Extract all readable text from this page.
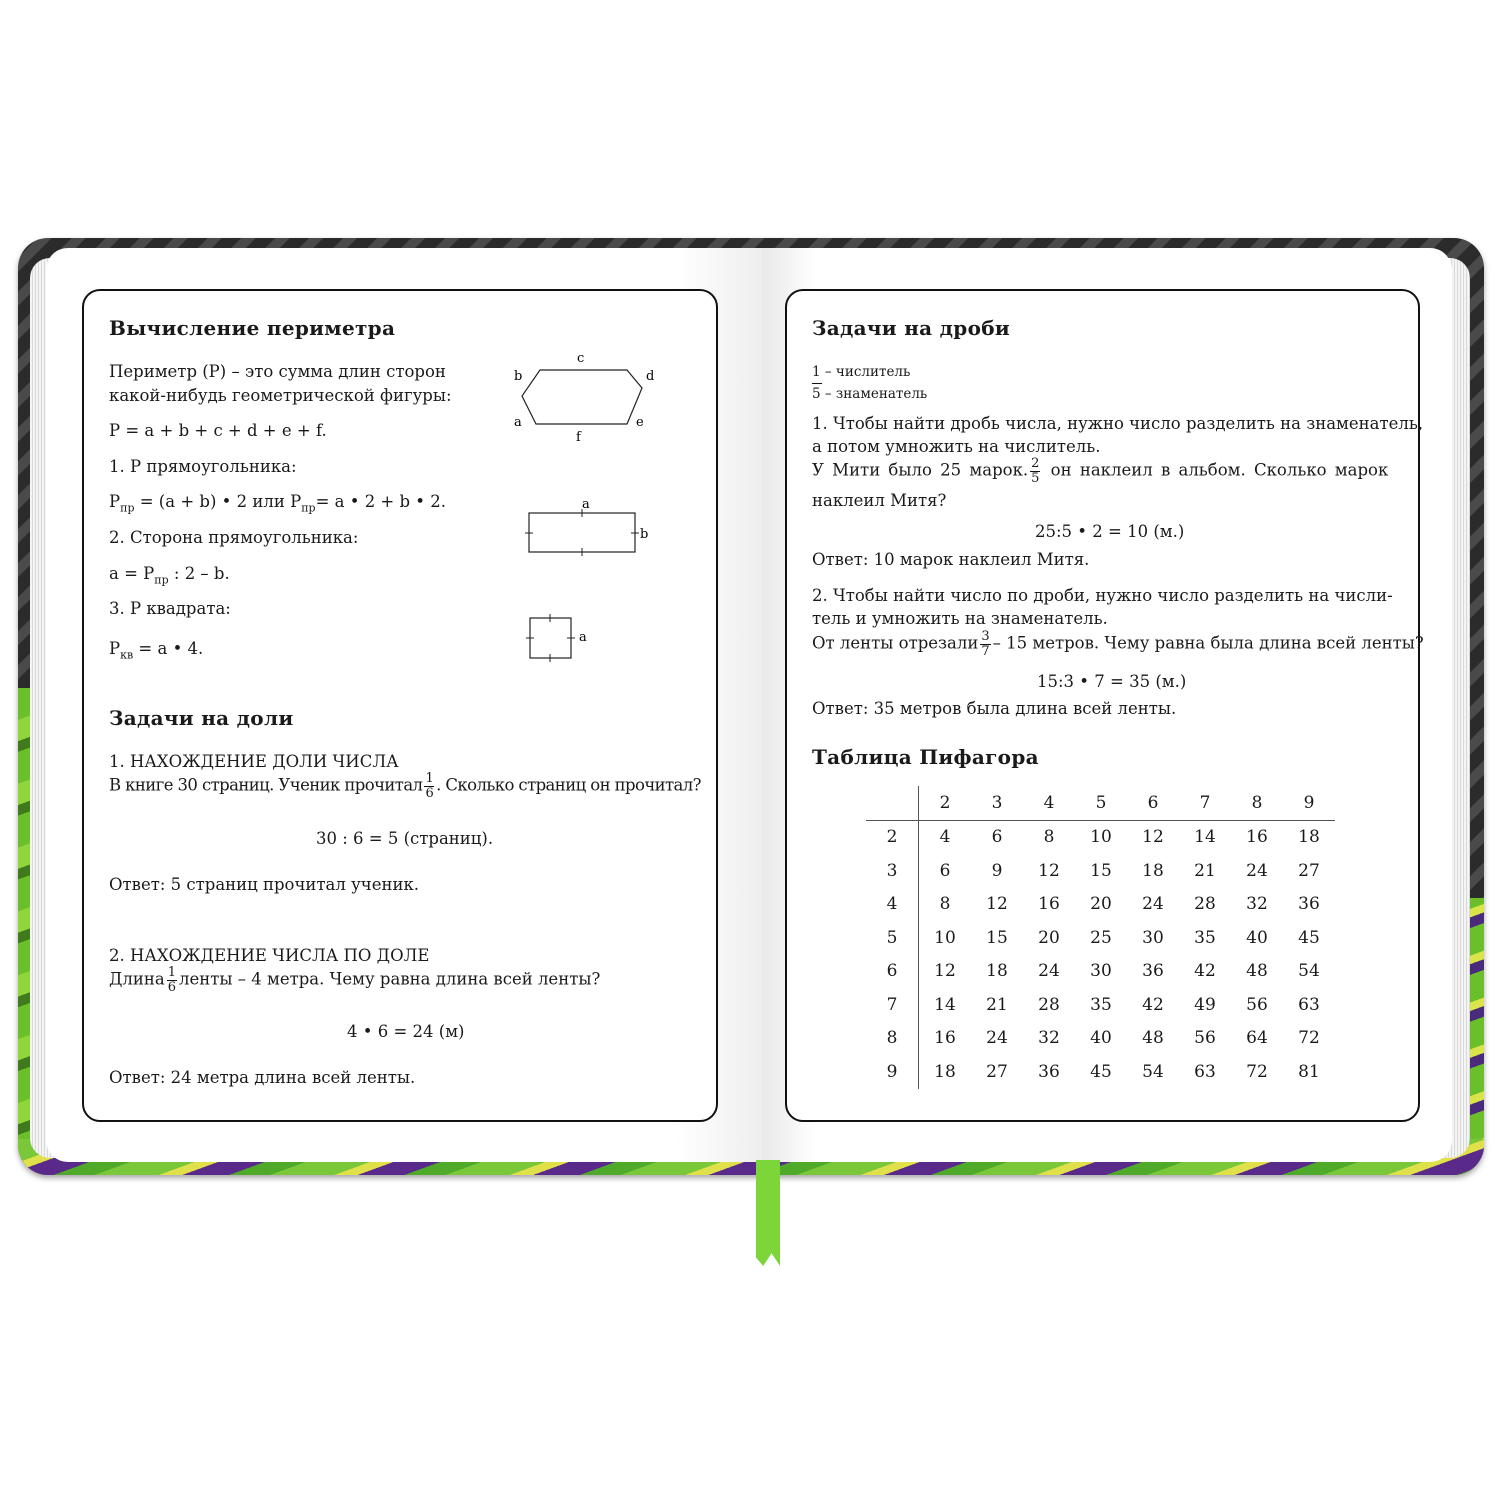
Вычисление периметра
Периметр (Р) – это сумма длин сторон
какой-нибудь геометрической фигуры:
Р = a + b + c + d + e + f.
1. Р прямоугольника:
$Р_{пр} = (a + b)$ • 2 или $Р_{пр}= a$ • 2 + b • 2.
2. Сторона прямоугольника:
$a = Р_{пр}$ : 2 – b.
3. Р квадрата:
$Р_{кв} = a$ • 4.
c
b	d
a	e
f
a
b
a
Задачи на доли
1. НАХОЖДЕНИЕ ДОЛИ ЧИСЛА
В книге 30 страниц. Ученик прочитал $\frac{1}{6}$ . Сколько страниц он прочитал?
30 : 6 = 5 (страниц).
Ответ: 5 страниц прочитал ученик.
2. НАХОЖДЕНИЕ ЧИСЛА ПО ДОЛЕ
Длина $\frac{1}{6}$ ленты – 4 метра. Чему равна длина всей ленты?
4 • 6 = 24 (м)
Ответ: 24 метра длина всей ленты.
Задачи на дроби
1 – числитель
5 – знаменатель
1. Чтобы найти дробь числа, нужно число разделить на знаменатель,
а потом умножить на числитель.
У Мити было 25 марок. $\frac{2}{5}$ он наклеил в альбом. Сколько марок
наклеил Митя?
25:5 • 2 = 10 (м.)
Ответ: 10 марок наклеил Митя.
2. Чтобы найти число по дроби, нужно число разделить на числи-
тель и умножить на знаменатель.
От ленты отрезали $\frac{3}{7} - 15$ метров. Чему равна была длина всей ленты?
15:3 • 7 = 35 (м.)
Ответ: 35 метров была длина всей ленты.
Таблица Пифагора
	2	3	4	5	6	7	8	9
2	4	6	8	10	12	14	16	18
3	6	9	12	15	18	21	24	27
4	8	12	16	20	24	28	32	36
5	10	15	20	25	30	35	40	45
6	12	18	24	30	36	42	48	54
7	14	21	28	35	42	49	56	63
8	16	24	32	40	48	56	64	72
9	18	27	36	45	54	63	72	81
